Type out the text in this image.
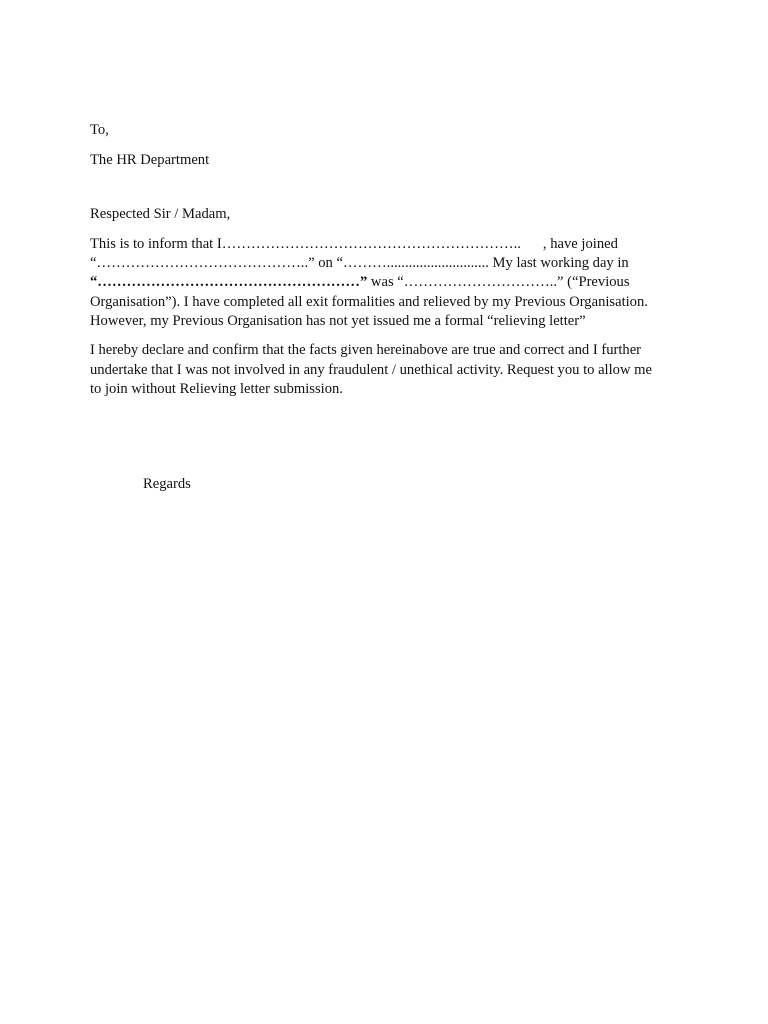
To,

The HR Department

Respected Sir / Madam,

This is to inform that I…………………………………………………….. , have joined
“……………………………………..” on “………............................ My last working day in
“………………………………………………” was “…………………………..” (“Previous
Organisation”). I have completed all exit formalities and relieved by my Previous Organisation.
However, my Previous Organisation has not yet issued me a formal “relieving letter”
I hereby declare and confirm that the facts given hereinabove are true and correct and I further
undertake that I was not involved in any fraudulent / unethical activity. Request you to allow me
to join without Relieving letter submission.
Regards
